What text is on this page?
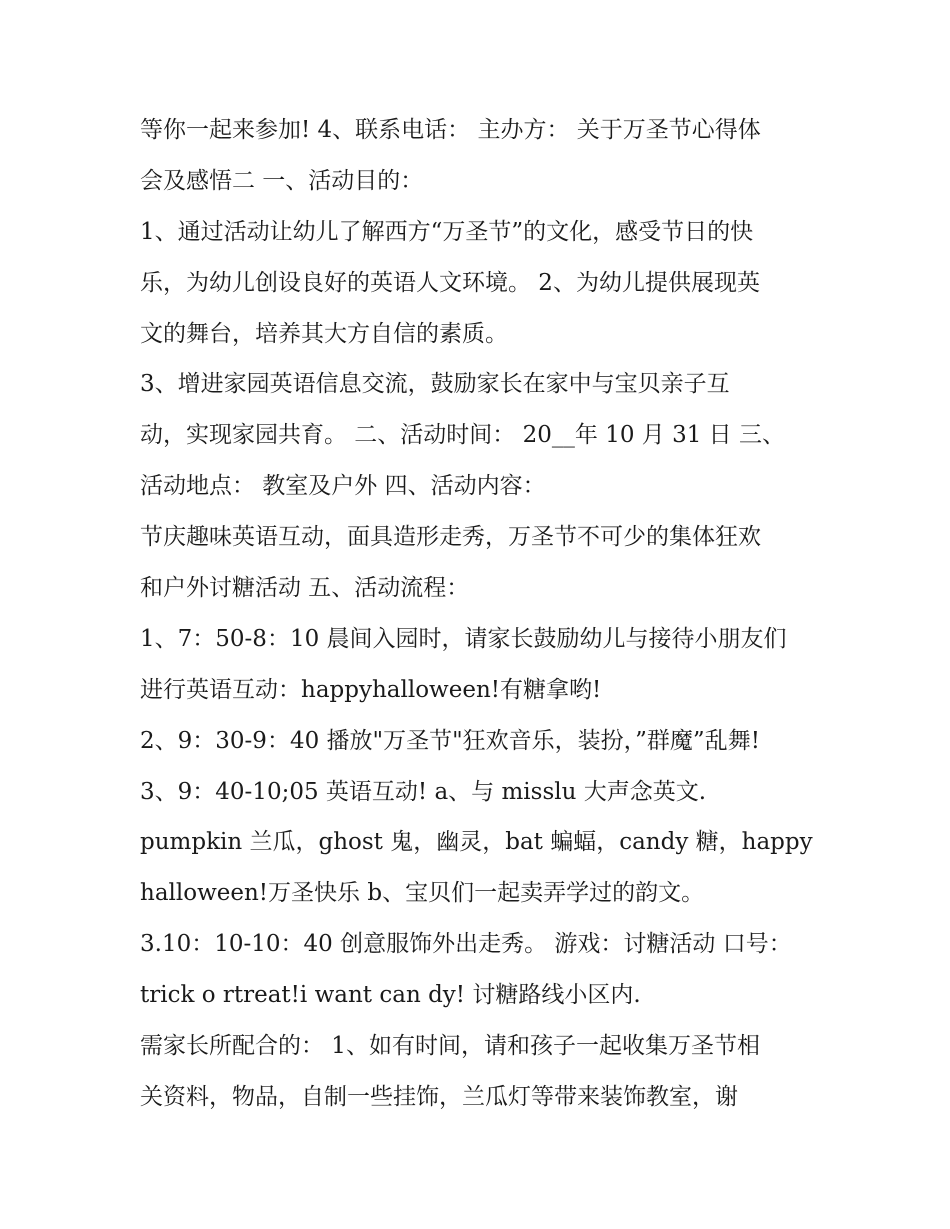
等你一起来参加! 4、联系电话： 主办方： 关于万圣节心得体
会及感悟二 一、活动目的：
1、通过活动让幼儿了解西方“万圣节”的文化，感受节日的快
乐，为幼儿创设良好的英语人文环境。 2、为幼儿提供展现英
文的舞台，培养其大方自信的素质。
3、增进家园英语信息交流，鼓励家长在家中与宝贝亲子互
动，实现家园共育。 二、活动时间： 20__年 10 月 31 日 三、
活动地点： 教室及户外 四、活动内容：
节庆趣味英语互动，面具造形走秀，万圣节不可少的集体狂欢
和户外讨糖活动 五、活动流程：
1、7：50-8：10 晨间入园时，请家长鼓励幼儿与接待小朋友们
进行英语互动：happyhalloween!有糖拿哟!
2、9：30-9：40 播放"万圣节"狂欢音乐，装扮，”群魔”乱舞!
3、9：40-10;05 英语互动! a、与 misslu 大声念英文.
pumpkin 兰瓜，ghost 鬼，幽灵，bat 蝙蝠，candy 糖，happy
halloween!万圣快乐 b、宝贝们一起卖弄学过的韵文。
3.10：10-10：40 创意服饰外出走秀。 游戏：讨糖活动 口号：
trick o rtreat!i want can dy! 讨糖路线小区内.
需家长所配合的： 1、如有时间，请和孩子一起收集万圣节相
关资料，物品，自制一些挂饰，兰瓜灯等带来装饰教室，谢
